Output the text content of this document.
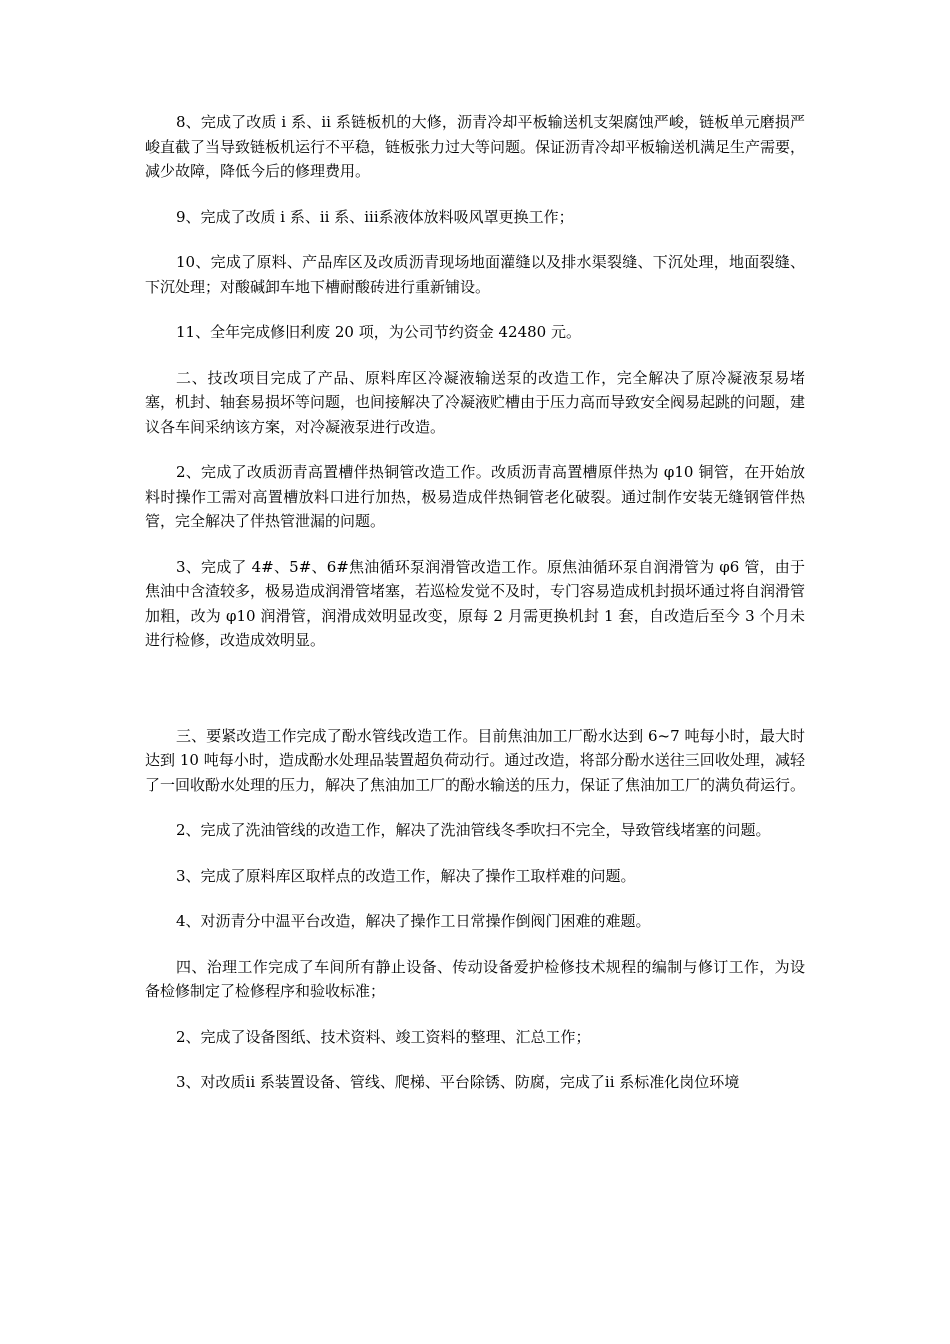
8、完成了改质 i 系、ii 系链板机的大修，沥青冷却平板输送机支架腐蚀严峻，链板单元磨损严峻直截了当导致链板机运行不平稳，链板张力过大等问题。保证沥青冷却平板输送机满足生产需要，减少故障，降低今后的修理费用。

9、完成了改质 i 系、ii 系、iii系液体放料吸风罩更换工作；

10、完成了原料、产品库区及改质沥青现场地面灌缝以及排水渠裂缝、下沉处理，地面裂缝、下沉处理；对酸碱卸车地下槽耐酸砖进行重新铺设。

11、全年完成修旧利废 20 项，为公司节约资金 42480 元。

二、技改项目完成了产品、原料库区冷凝液输送泵的改造工作，完全解决了原冷凝液泵易堵塞，机封、轴套易损坏等问题，也间接解决了冷凝液贮槽由于压力高而导致安全阀易起跳的问题，建议各车间采纳该方案，对冷凝液泵进行改造。

2、完成了改质沥青高置槽伴热铜管改造工作。改质沥青高置槽原伴热为 φ10 铜管，在开始放料时操作工需对高置槽放料口进行加热，极易造成伴热铜管老化破裂。通过制作安装无缝钢管伴热管，完全解决了伴热管泄漏的问题。

3、完成了 4#、5#、6#焦油循环泵润滑管改造工作。原焦油循环泵自润滑管为 φ6 管，由于焦油中含渣较多，极易造成润滑管堵塞，若巡检发觉不及时，专门容易造成机封损坏通过将自润滑管加粗，改为 φ10 润滑管，润滑成效明显改变，原每 2 月需更换机封 1 套，自改造后至今 3 个月未进行检修，改造成效明显。

三、要紧改造工作完成了酚水管线改造工作。目前焦油加工厂酚水达到 6~7 吨每小时，最大时达到 10 吨每小时，造成酚水处理品装置超负荷动行。通过改造，将部分酚水送往三回收处理，减轻了一回收酚水处理的压力，解决了焦油加工厂的酚水输送的压力，保证了焦油加工厂的满负荷运行。

2、完成了洗油管线的改造工作，解决了洗油管线冬季吹扫不完全，导致管线堵塞的问题。

3、完成了原料库区取样点的改造工作，解决了操作工取样难的问题。

4、对沥青分中温平台改造，解决了操作工日常操作倒阀门困难的难题。

四、治理工作完成了车间所有静止设备、传动设备爱护检修技术规程的编制与修订工作，为设备检修制定了检修程序和验收标准；

2、完成了设备图纸、技术资料、竣工资料的整理、汇总工作；

3、对改质ii 系装置设备、管线、爬梯、平台除锈、防腐，完成了ii 系标准化岗位环境
